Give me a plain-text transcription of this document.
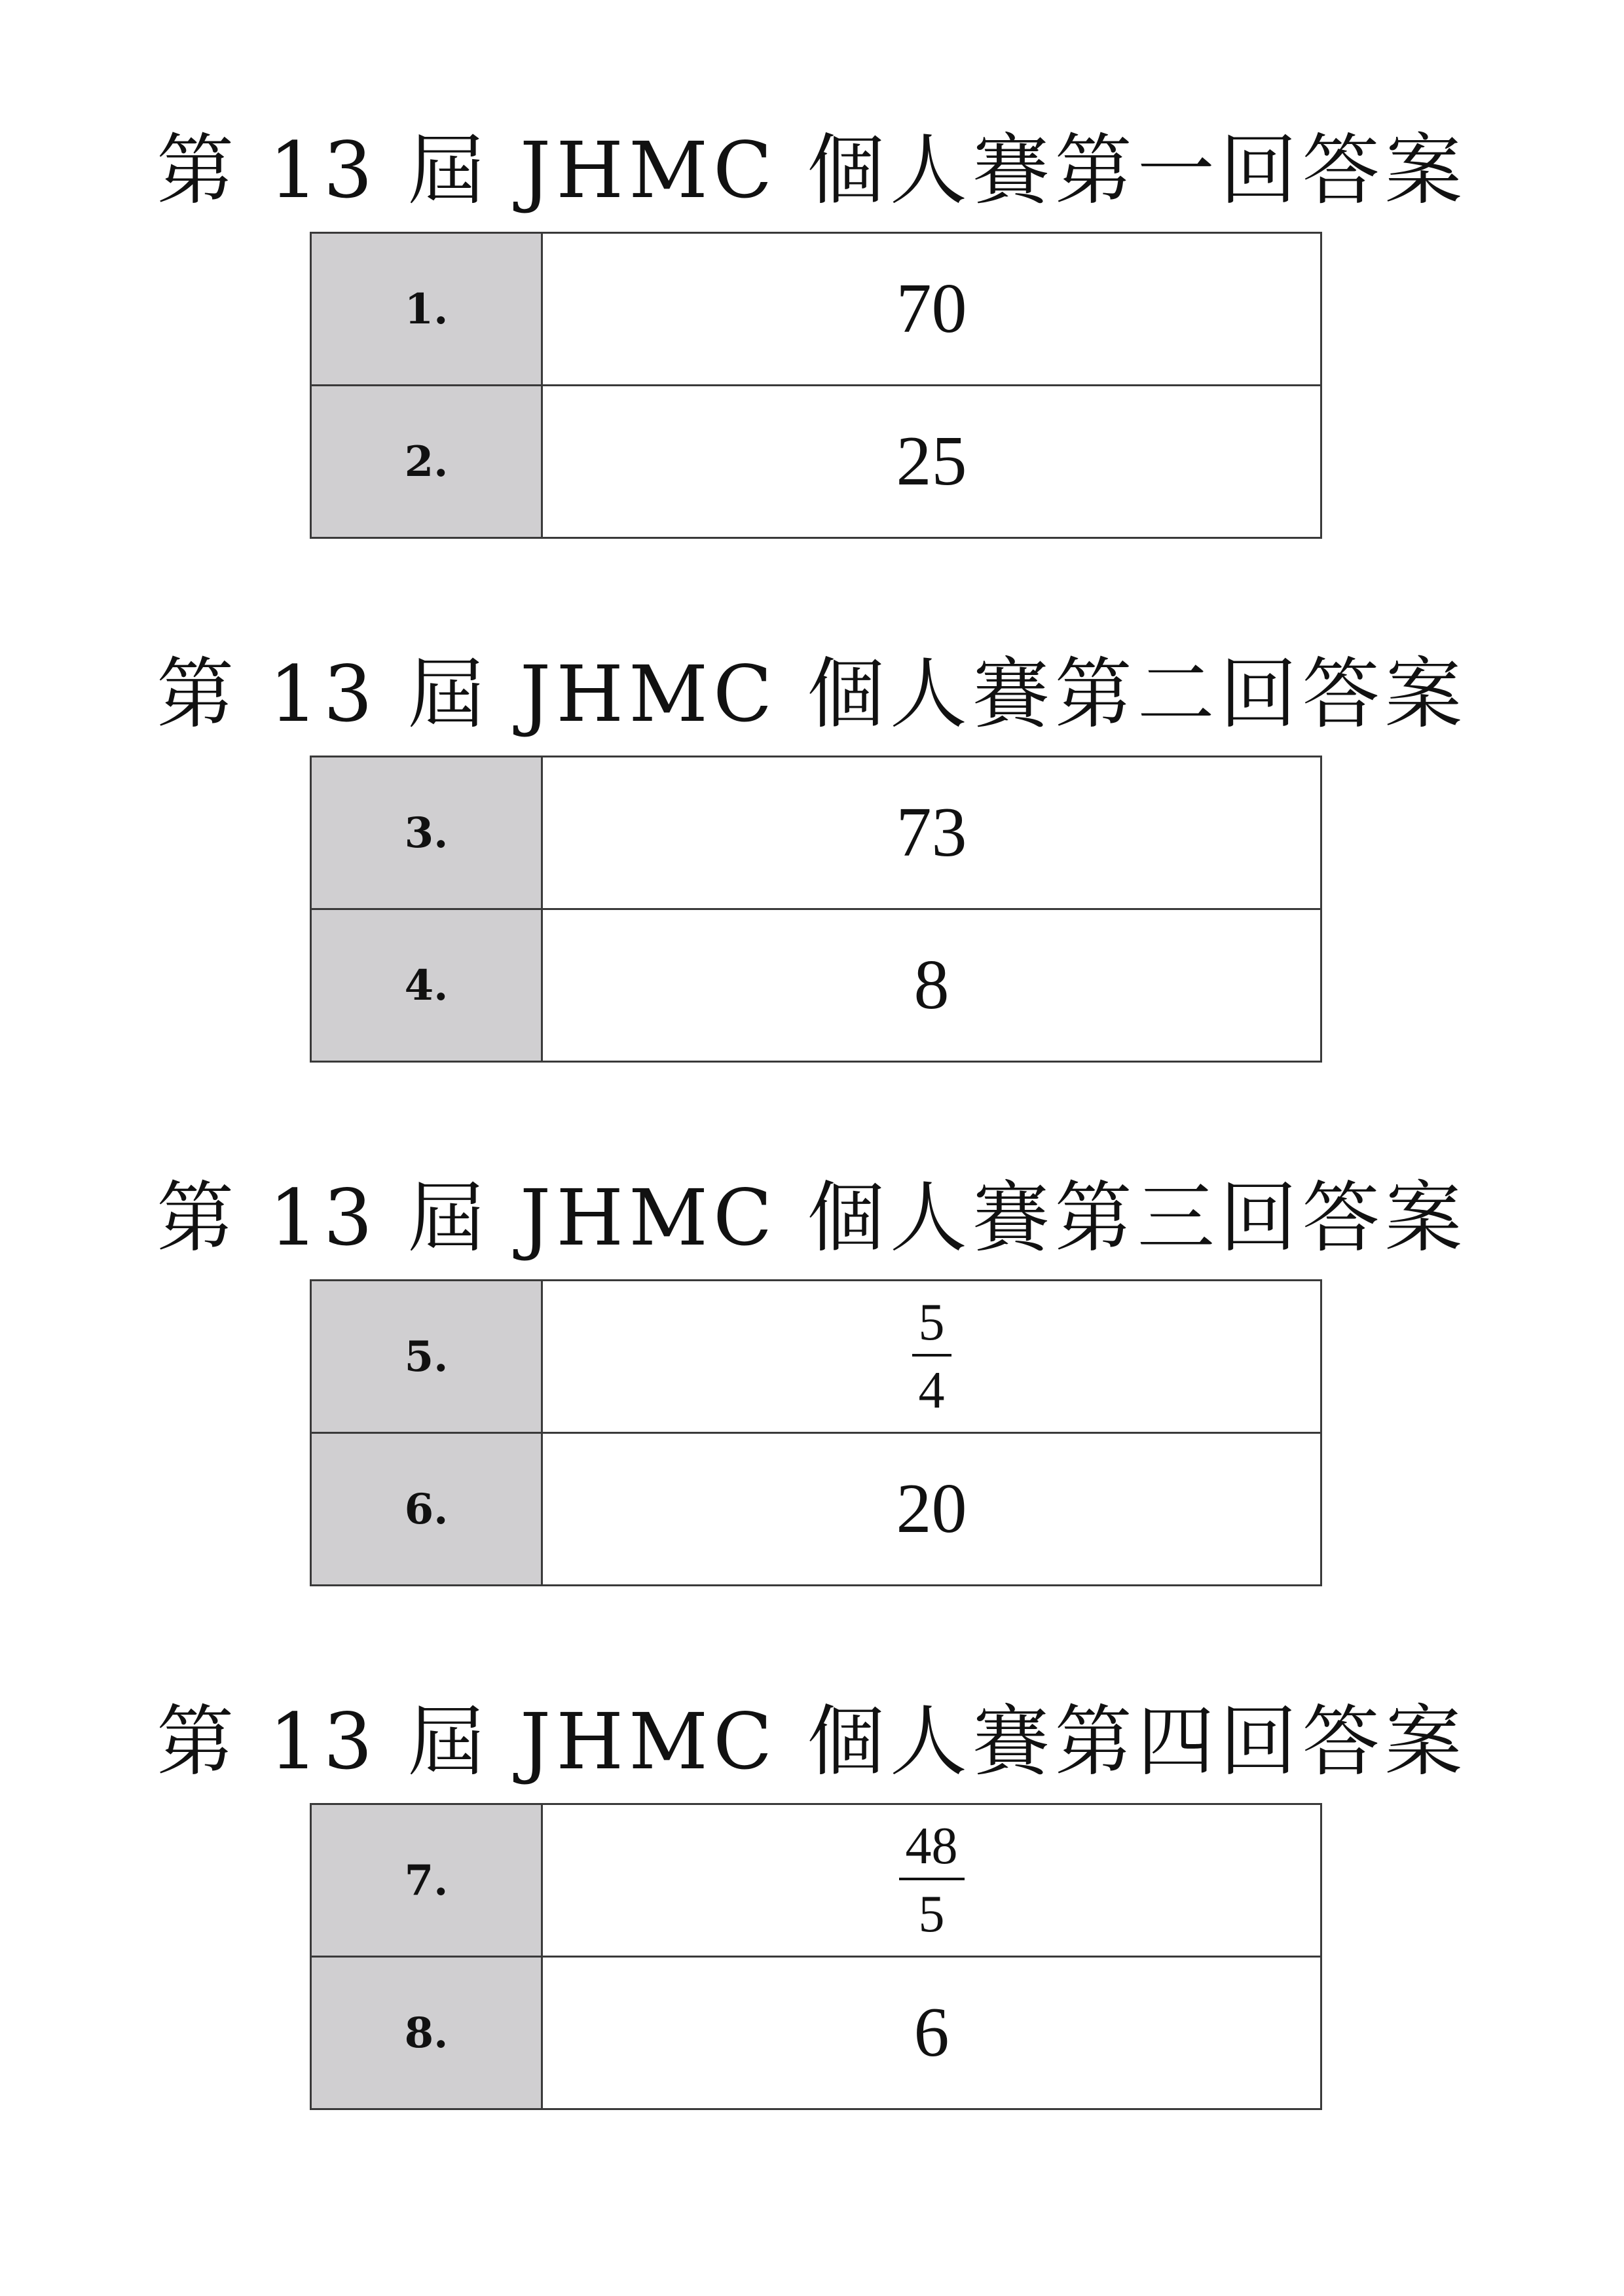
第 13 屆 JHMC 個人賽第一回答案
1.	70
2.	25
第 13 屆 JHMC 個人賽第二回答案
3.	73
4.	8
第 13 屆 JHMC 個人賽第三回答案
5.	$\frac{5}{4}$

6.	20
第 13 屆 JHMC 個人賽第四回答案
7.	$\frac{48}{5}$

8.	6
